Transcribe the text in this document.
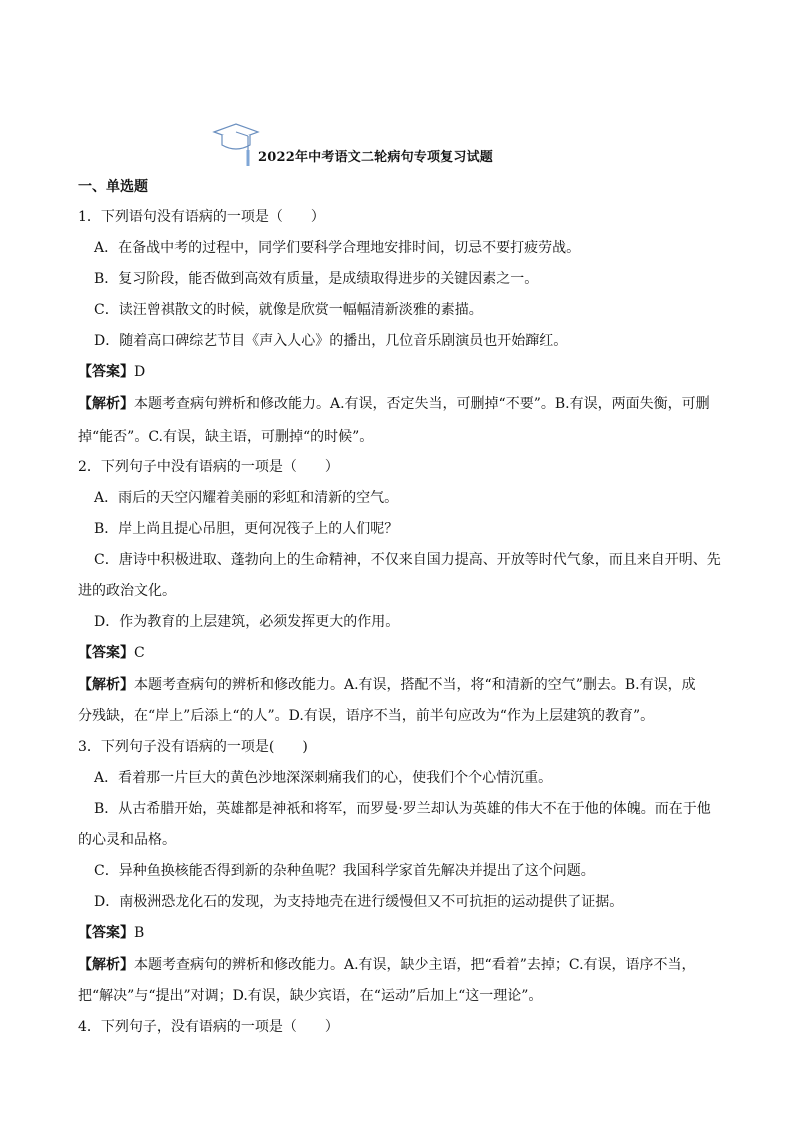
2022年中考语文二轮病句专项复习试题
一、单选题
1．下列语句没有语病的一项是（　　）
A．在备战中考的过程中，同学们要科学合理地安排时间，切忌不要打疲劳战。
B．复习阶段，能否做到高效有质量，是成绩取得进步的关键因素之一。
C．读汪曾祺散文的时候，就像是欣赏一幅幅清新淡雅的素描。
D．随着高口碑综艺节目《声入人心》的播出，几位音乐剧演员也开始蹿红。
【答案】D
【解析】本题考查病句辨析和修改能力。A.有误，否定失当，可删掉“不要”。B.有误，两面失衡，可删
掉“能否”。C.有误，缺主语，可删掉“的时候”。
2．下列句子中没有语病的一项是（　　）
A．雨后的天空闪耀着美丽的彩虹和清新的空气。
B．岸上尚且提心吊胆，更何况筏子上的人们呢？
C．唐诗中积极进取、蓬勃向上的生命精神，不仅来自国力提高、开放等时代气象，而且来自开明、先
进的政治文化。
D．作为教育的上层建筑，必须发挥更大的作用。
【答案】C
【解析】本题考查病句的辨析和修改能力。A.有误，搭配不当，将“和清新的空气”删去。B.有误，成
分残缺，在“岸上”后添上“的人”。D.有误，语序不当，前半句应改为“作为上层建筑的教育”。
3．下列句子没有语病的一项是(　　)
A．看着那一片巨大的黄色沙地深深刺痛我们的心，使我们个个心情沉重。
B．从古希腊开始，英雄都是神祇和将军，而罗曼·罗兰却认为英雄的伟大不在于他的体魄。而在于他
的心灵和品格。
C．异种鱼换核能否得到新的杂种鱼呢？我国科学家首先解决并提出了这个问题。
D．南极洲恐龙化石的发现，为支持地壳在进行缓慢但又不可抗拒的运动提供了证据。
【答案】B
【解析】本题考查病句的辨析和修改能力。A.有误，缺少主语，把“看着”去掉；C.有误，语序不当，
把“解决”与“提出”对调；D.有误，缺少宾语，在“运动”后加上“这一理论”。
4．下列句子，没有语病的一项是（　　）
